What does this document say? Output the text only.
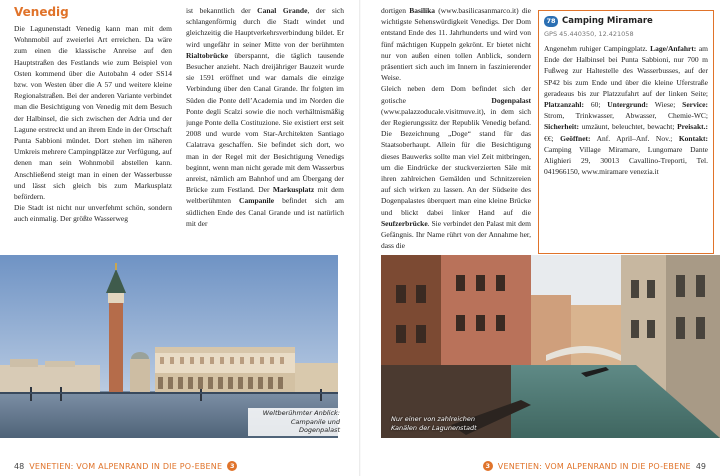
Venedig

Die Lagunenstadt Venedig kann man mit dem Wohnmobil auf zweierlei Art erreichen. Da wäre zum einen die klassische Anreise auf den Hauptstraßen des Festlands wie zum Beispiel von Osten kommend über die Autobahn 4 oder SS14 bzw. von Westen über die A 57 und weitere kleine Regionalstraßen. Bei der anderen Variante verbindet man die Besichtigung von Venedig mit dem Besuch der Halbinsel, die sich zwischen der Adria und der Lagune erstreckt und an ihrem Ende in der Ortschaft Punta Sabbioni mündet. Dort stehen im näheren Umkreis mehrere Campingplätze zur Verfügung, auf denen man sein Wohnmobil abstellen kann. Anschließend steigt man in einen der Wasserbusse und lässt sich gleich bis zum Markusplatz befördern.

Die Stadt ist nicht nur unverfehmt schön, sondern auch einmalig. Der größte Wasserweg

ist bekanntlich der Canal Grande, der sich schlangenförmig durch die Stadt windet und gleichzeitig die Hauptverkehrsverbindung bildet. Er wird ungefähr in seiner Mitte von der berühmten Rialtobrücke überspannt, die täglich tausende Besucher anzieht. Nach dreijähriger Bauzeit wurde sie 1591 eröffnet und war damals die einzige Verbindung über den Canal Grande. Ihr folgten im Süden die Ponte dell’Academia und im Norden die Ponte degli Scalzi sowie die noch verhältnismäßig junge Ponte della Costituzione. Sie existiert erst seit 2008 und wurde vom Star-Architekten Santiago Calatrava geschaffen. Sie befindet sich dort, wo man in der Regel mit der Besichtigung Venedigs beginnt, wenn man nicht gerade mit dem Wasserbus anreist, nämlich am Bahnhof und am Übergang der Brücke zum Festland. Der Markusplatz mit dem weltberühmten Campanile befindet sich am südlichen Ende des Canal Grande und ist natürlich mit der

dortigen Basilika (www.basilicasanmarco.it) die wichtigste Sehenswürdigkeit Venedigs. Der Dom entstand Ende des 11. Jahrhunderts und wird von fünf mächtigen Kuppeln gekrönt. Er bietet nicht nur von außen einen tollen Anblick, sondern präsentiert sich auch im Innern in faszinierender Weise.

Gleich neben dem Dom befindet sich der gotische Dogenpalast (www.palazzoducale.visitmuve.it), in dem sich der Regierungssitz der Republik Venedig befand. Die Bezeichnung „Doge“ stand für das Staatsoberhaupt. Allein für die Besichtigung dieses Bauwerks sollte man viel Zeit mitbringen, um die Eindrücke der stuckverzierten Säle mit ihren zahlreichen Gemälden und Schnitzereien auf sich wirken zu lassen. An der Südseite des Dogenpalastes überquert man eine kleine Brücke und blickt dabei linker Hand auf die Seufzerbrücke. Sie verbindet den Palast mit dem Gefängnis. Ihr Name rührt von der Annahme her, dass die

78 Camping Miramare
GPS 45.440350, 12.421058
Angenehm ruhiger Campingplatz. Lage/Anfahrt: am Ende der Halbinsel bei Punta Sabbioni, nur 700 m Fußweg zur Haltestelle des Wasserbusses, auf der SP42 bis zum Ende und über die kleine Uferstraße geradeaus bis zur Platzzufahrt auf der linken Seite; Platzanzahl: 60; Untergrund: Wiese; Service: Strom, Trinkwasser, Abwasser, Chemie-WC; Sicherheit: umzäunt, beleuchtet, bewacht; Preisakt.: €€; Geöffnet: Anf. April–Anf. Nov.; Kontakt: Camping Village Miramare, Lungomare Dante Alighieri 29, 30013 Cavallino-Treporti, Tel. 041966150, www.miramare venezia.it
Weltberühmter Anblick:
Campanile und Dogenpalast
Nur einer von zahlreichen
Kanälen der Lagunenstadt
48 VENETIEN: VOM ALPENRAND IN DIE PO-EBENE	3	3 VENETIEN: VOM ALPENRAND IN DIE PO-EBENE 49
